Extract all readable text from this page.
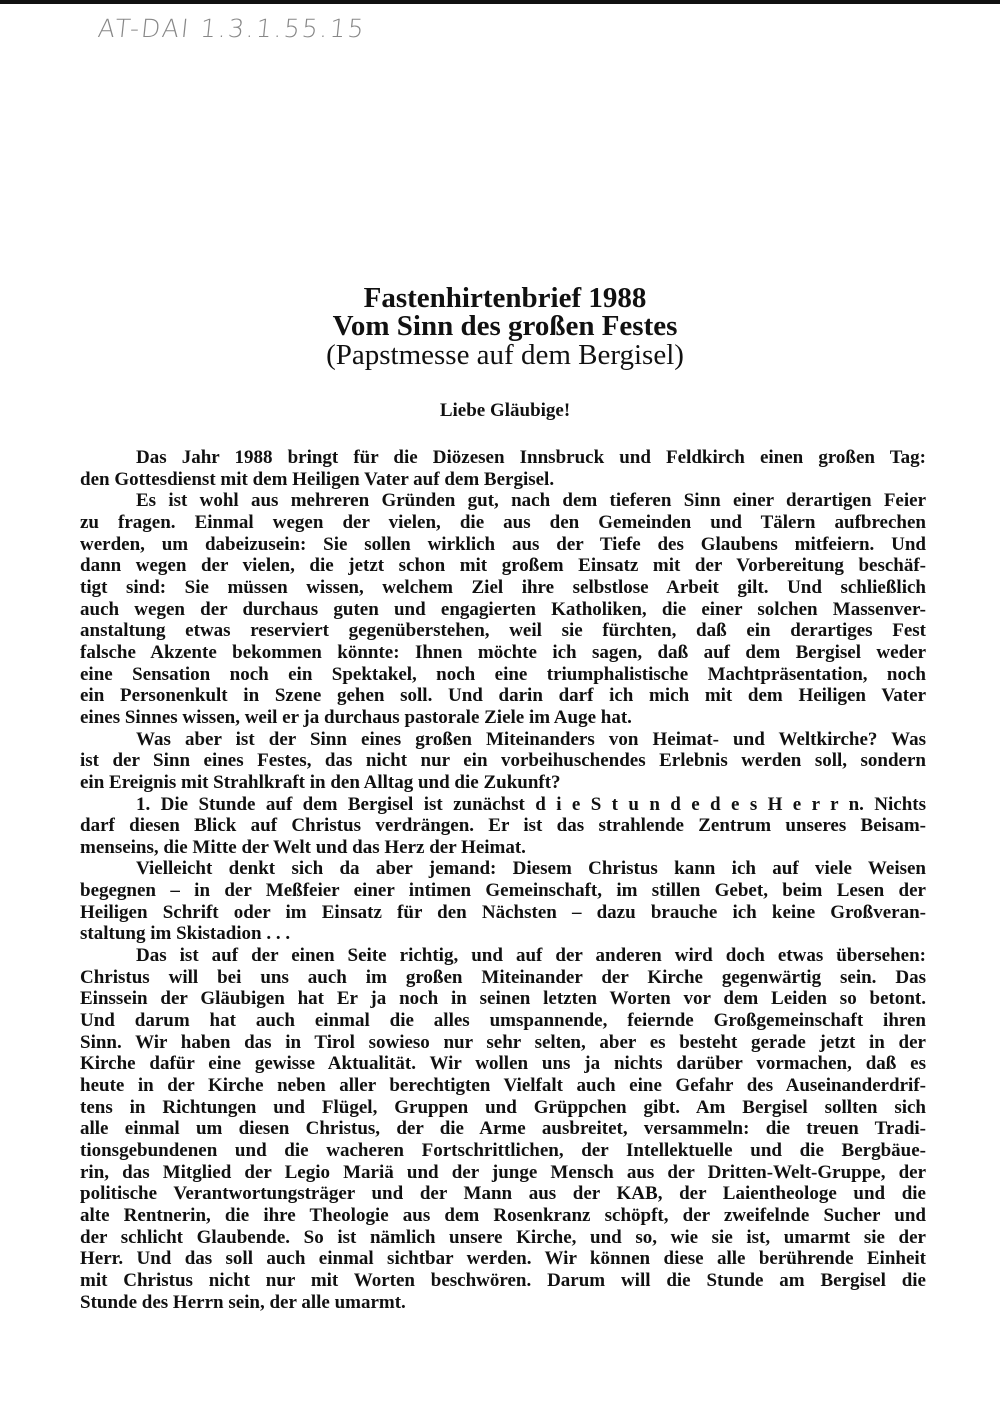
AT-DAI 1.3.1.55.15
Fastenhirtenbrief 1988
Vom Sinn des großen Festes
(Papstmesse auf dem Bergisel)
Liebe Gläubige!
Das Jahr 1988 bringt für die Diözesen Innsbruck und Feldkirch einen großen Tag:
den Gottesdienst mit dem Heiligen Vater auf dem Bergisel.
Es ist wohl aus mehreren Gründen gut, nach dem tieferen Sinn einer derartigen Feier
zu fragen. Einmal wegen der vielen, die aus den Gemeinden und Tälern aufbrechen
werden, um dabeizusein: Sie sollen wirklich aus der Tiefe des Glaubens mitfeiern. Und
dann wegen der vielen, die jetzt schon mit großem Einsatz mit der Vorbereitung beschäf-
tigt sind: Sie müssen wissen, welchem Ziel ihre selbstlose Arbeit gilt. Und schließlich
auch wegen der durchaus guten und engagierten Katholiken, die einer solchen Massenver-
anstaltung etwas reserviert gegenüberstehen, weil sie fürchten, daß ein derartiges Fest
falsche Akzente bekommen könnte: Ihnen möchte ich sagen, daß auf dem Bergisel weder
eine Sensation noch ein Spektakel, noch eine triumphalistische Machtpräsentation, noch
ein Personenkult in Szene gehen soll. Und darin darf ich mich mit dem Heiligen Vater
eines Sinnes wissen, weil er ja durchaus pastorale Ziele im Auge hat.
Was aber ist der Sinn eines großen Miteinanders von Heimat- und Weltkirche? Was
ist der Sinn eines Festes, das nicht nur ein vorbeihuschendes Erlebnis werden soll, sondern
ein Ereignis mit Strahlkraft in den Alltag und die Zukunft?
1. Die Stunde auf dem Bergisel ist zunächst d i e S t u n d e d e s H e r r n. Nichts
darf diesen Blick auf Christus verdrängen. Er ist das strahlende Zentrum unseres Beisam-
menseins, die Mitte der Welt und das Herz der Heimat.
Vielleicht denkt sich da aber jemand: Diesem Christus kann ich auf viele Weisen
begegnen – in der Meßfeier einer intimen Gemeinschaft, im stillen Gebet, beim Lesen der
Heiligen Schrift oder im Einsatz für den Nächsten – dazu brauche ich keine Großveran-
staltung im Skistadion . . .
Das ist auf der einen Seite richtig, und auf der anderen wird doch etwas übersehen:
Christus will bei uns auch im großen Miteinander der Kirche gegenwärtig sein. Das
Einssein der Gläubigen hat Er ja noch in seinen letzten Worten vor dem Leiden so betont.
Und darum hat auch einmal die alles umspannende, feiernde Großgemeinschaft ihren
Sinn. Wir haben das in Tirol sowieso nur sehr selten, aber es besteht gerade jetzt in der
Kirche dafür eine gewisse Aktualität. Wir wollen uns ja nichts darüber vormachen, daß es
heute in der Kirche neben aller berechtigten Vielfalt auch eine Gefahr des Auseinanderdrif-
tens in Richtungen und Flügel, Gruppen und Grüppchen gibt. Am Bergisel sollten sich
alle einmal um diesen Christus, der die Arme ausbreitet, versammeln: die treuen Tradi-
tionsgebundenen und die wacheren Fortschrittlichen, der Intellektuelle und die Bergbäue-
rin, das Mitglied der Legio Mariä und der junge Mensch aus der Dritten-Welt-Gruppe, der
politische Verantwortungsträger und der Mann aus der KAB, der Laientheologe und die
alte Rentnerin, die ihre Theologie aus dem Rosenkranz schöpft, der zweifelnde Sucher und
der schlicht Glaubende. So ist nämlich unsere Kirche, und so, wie sie ist, umarmt sie der
Herr. Und das soll auch einmal sichtbar werden. Wir können diese alle berührende Einheit
mit Christus nicht nur mit Worten beschwören. Darum will die Stunde am Bergisel die
Stunde des Herrn sein, der alle umarmt.
